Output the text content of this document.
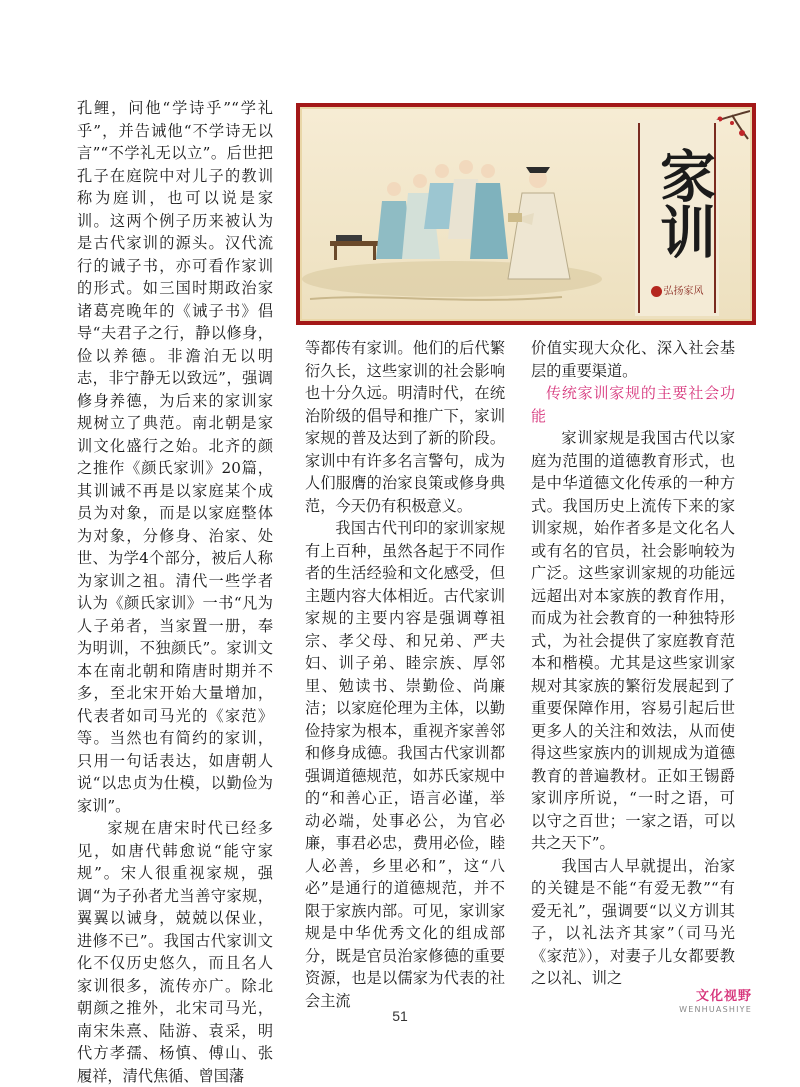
孔鲤，问他“学诗乎”“学礼乎”，并告诫他“不学诗无以言”“不学礼无以立”。后世把孔子在庭院中对儿子的教训称为庭训，也可以说是家训。这两个例子历来被认为是古代家训的源头。汉代流行的诫子书，亦可看作家训的形式。如三国时期政治家诸葛亮晚年的《诫子书》倡导“夫君子之行，静以修身，俭以养德。非澹泊无以明志，非宁静无以致远”，强调修身养德，为后来的家训家规树立了典范。南北朝是家训文化盛行之始。北齐的颜之推作《颜氏家训》20篇，其训诫不再是以家庭某个成员为对象，而是以家庭整体为对象，分修身、治家、处世、为学4个部分，被后人称为家训之祖。清代一些学者认为《颜氏家训》一书“凡为人子弟者，当家置一册，奉为明训，不独颜氏”。家训文本在南北朝和隋唐时期并不多，至北宋开始大量增加，代表者如司马光的《家范》等。当然也有简约的家训，只用一句话表达，如唐朝人说“以忠贞为仕模，以勤俭为家训”。

家规在唐宋时代已经多见，如唐代韩愈说“能守家规”。宋人很重视家规，强调“为子孙者尤当善守家规，翼翼以诫身，兢兢以保业，进修不已”。我国古代家训文化不仅历史悠久，而且名人家训很多，流传亦广。除北朝颜之推外，北宋司马光，南宋朱熹、陆游、袁采，明代方孝孺、杨慎、傅山、张履祥，清代焦循、曾国藩

家训
弘扬家风

等都传有家训。他们的后代繁衍久长，这些家训的社会影响也十分久远。明清时代，在统治阶级的倡导和推广下，家训家规的普及达到了新的阶段。家训中有许多名言警句，成为人们服膺的治家良策或修身典范，今天仍有积极意义。

我国古代刊印的家训家规有上百种，虽然各起于不同作者的生活经验和文化感受，但主题内容大体相近。古代家训家规的主要内容是强调尊祖宗、孝父母、和兄弟、严夫妇、训子弟、睦宗族、厚邻里、勉读书、崇勤俭、尚廉洁；以家庭伦理为主体，以勤俭持家为根本，重视齐家善邻和修身成德。我国古代家训都强调道德规范，如苏氏家规中的“和善心正，语言必谨，举动必端，处事必公，为官必廉，事君必忠，费用必俭，睦人必善，乡里必和”，这“八必”是通行的道德规范，并不限于家族内部。可见，家训家规是中华优秀文化的组成部分，既是官员治家修德的重要资源，也是以儒家为代表的社会主流

价值实现大众化、深入社会基层的重要渠道。

传统家训家规的主要社会功能

家训家规是我国古代以家庭为范围的道德教育形式，也是中华道德文化传承的一种方式。我国历史上流传下来的家训家规，始作者多是文化名人或有名的官员，社会影响较为广泛。这些家训家规的功能远远超出对本家族的教育作用，而成为社会教育的一种独特形式，为社会提供了家庭教育范本和楷模。尤其是这些家训家规对其家族的繁衍发展起到了重要保障作用，容易引起后世更多人的关注和效法，从而使得这些家族内的训规成为道德教育的普遍教材。正如王锡爵家训序所说，“一时之语，可以守之百世；一家之语，可以共之天下”。

我国古人早就提出，治家的关键是不能“有爱无教”“有爱无礼”，强调要“以义方训其子，以礼法齐其家”（司马光《家范》），对妻子儿女都要教之以礼、训之

51
文化视野
WENHUASHIYE
